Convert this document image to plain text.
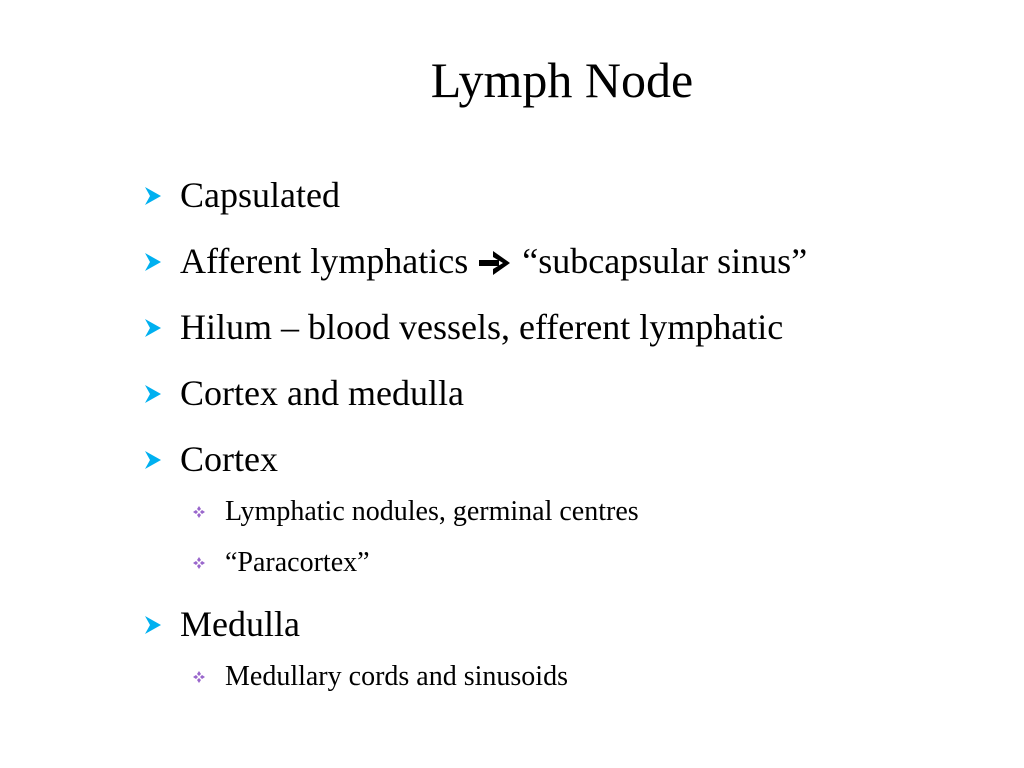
Lymph Node
Capsulated
Afferent lymphatics “subcapsular sinus”
Hilum – blood vessels, efferent lymphatic
Cortex and medulla
Cortex
Lymphatic nodules, germinal centres
“Paracortex”
Medulla
Medullary cords and sinusoids
